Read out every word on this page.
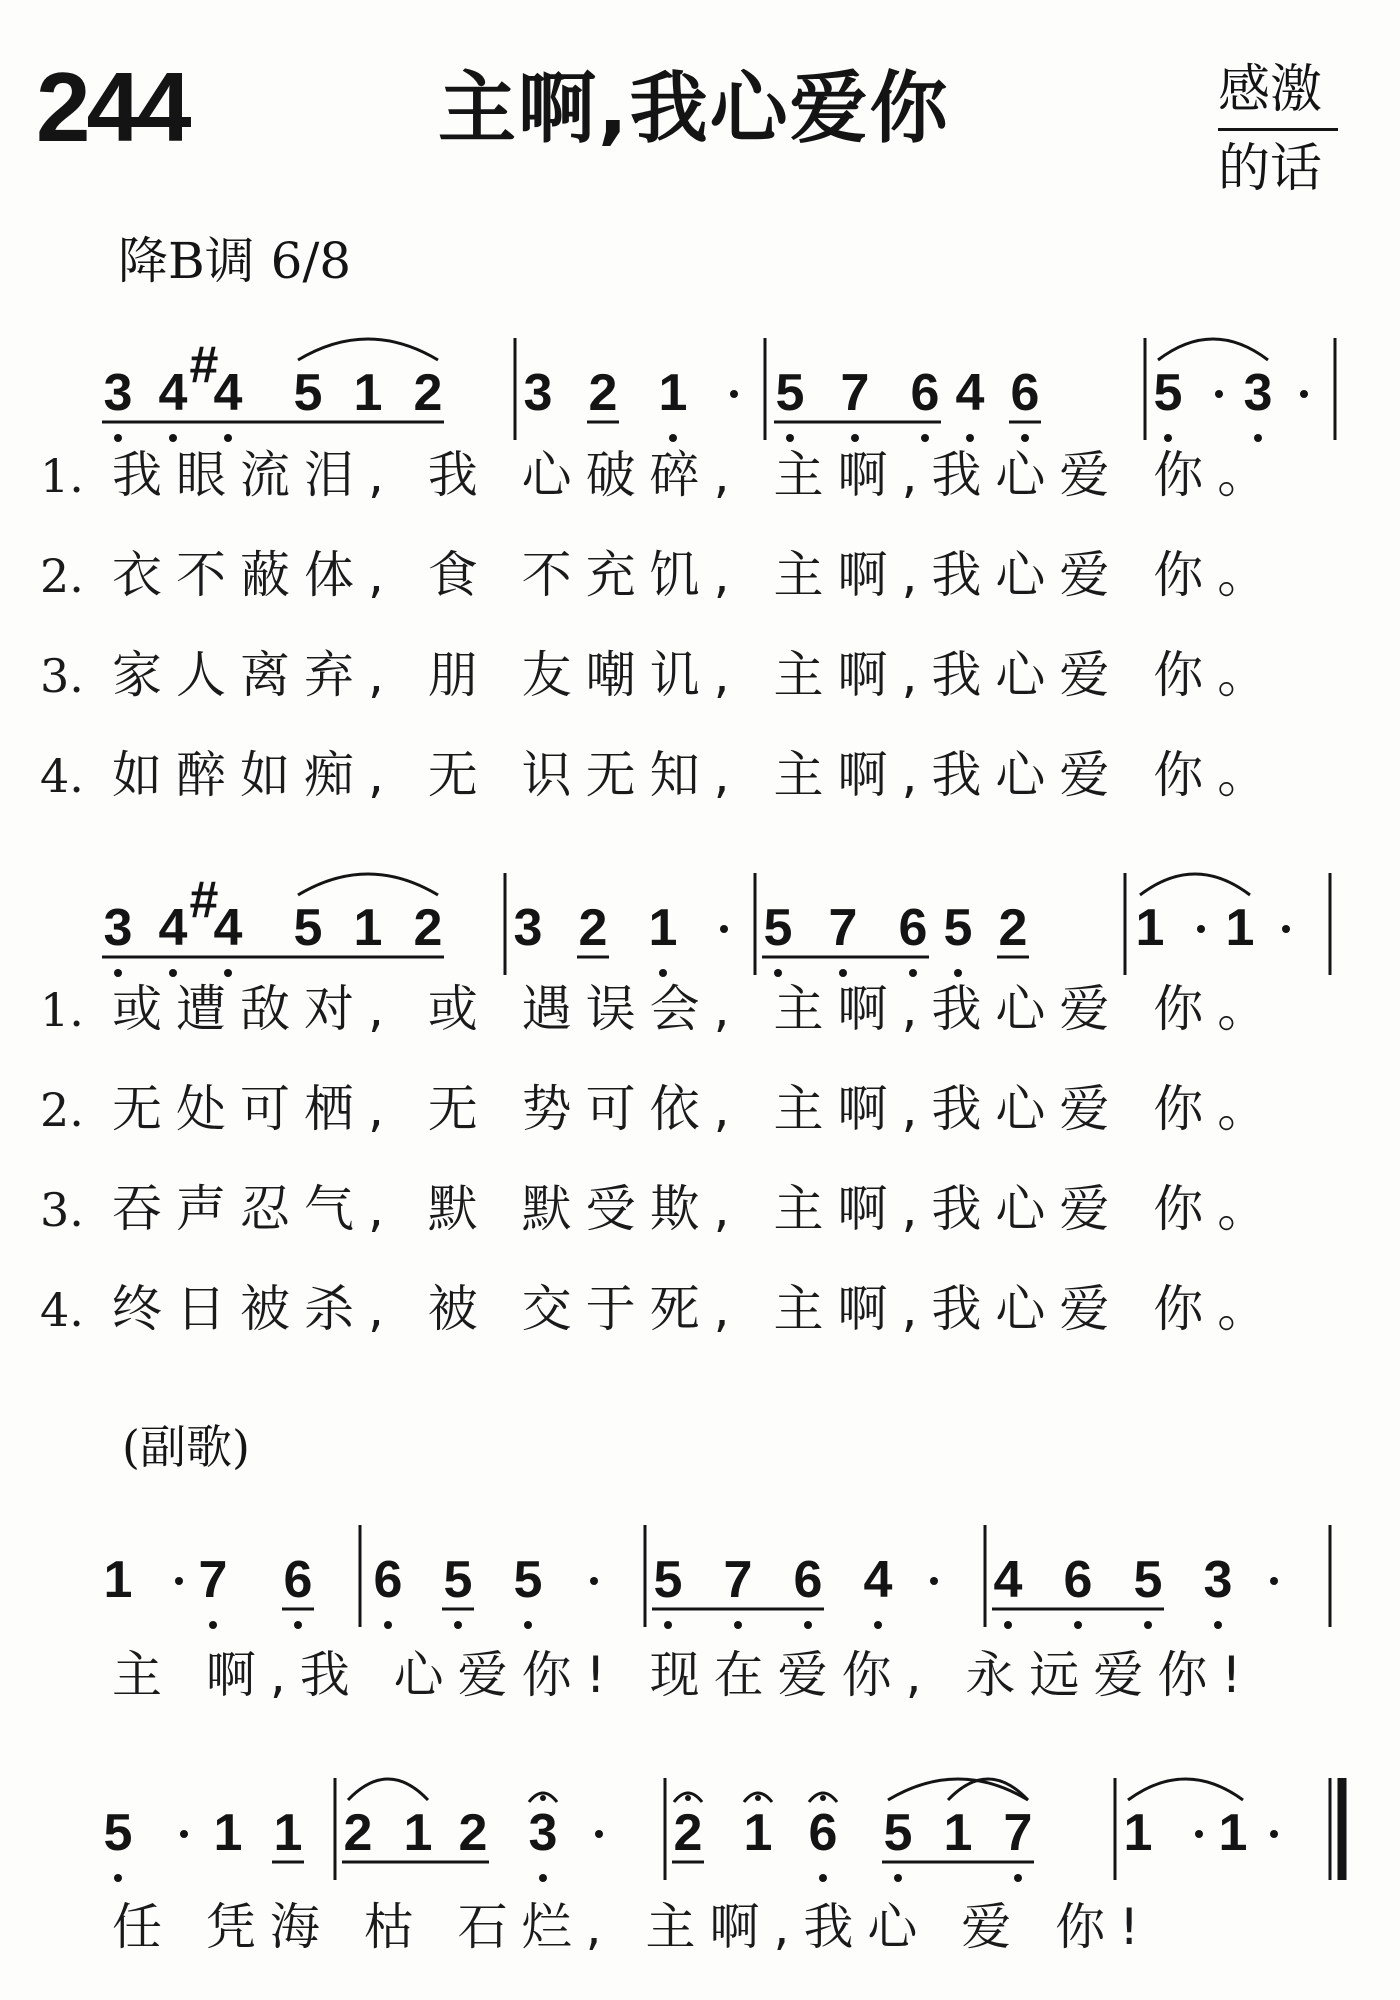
244	主啊,我心爱你	感激
的话
降B调 6/8
(副歌)
3 4 4
# 5 1 2 3 2 1 5 7 6 4 6 5 3
1. 我眼流泪, 我 心破碎, 主啊,我心爱 你。
2. 衣不蔽体, 食 不充饥, 主啊,我心爱 你。
3. 家人离弃, 朋 友嘲讥, 主啊,我心爱 你。
4. 如醉如痴, 无 识无知, 主啊,我心爱 你。
3 4 4
# 5 1 2 3 2 1 5 7 6 5 2 1 1
1. 或遭敌对, 或 遇误会, 主啊,我心爱 你。
2. 无处可栖, 无 势可依, 主啊,我心爱 你。
3. 吞声忍气, 默 默受欺, 主啊,我心爱 你。
4. 终日被杀, 被 交于死, 主啊,我心爱 你。
1 7 6 6 5 5 5 7 6 4 4 6 5 3
主 啊,我 心爱你! 现在爱你, 永远爱你!
5 1 1 2 1 2 3 2 1 6 5 1 7 1 1
任 凭海 枯 石烂, 主啊,我心 爱 你!
